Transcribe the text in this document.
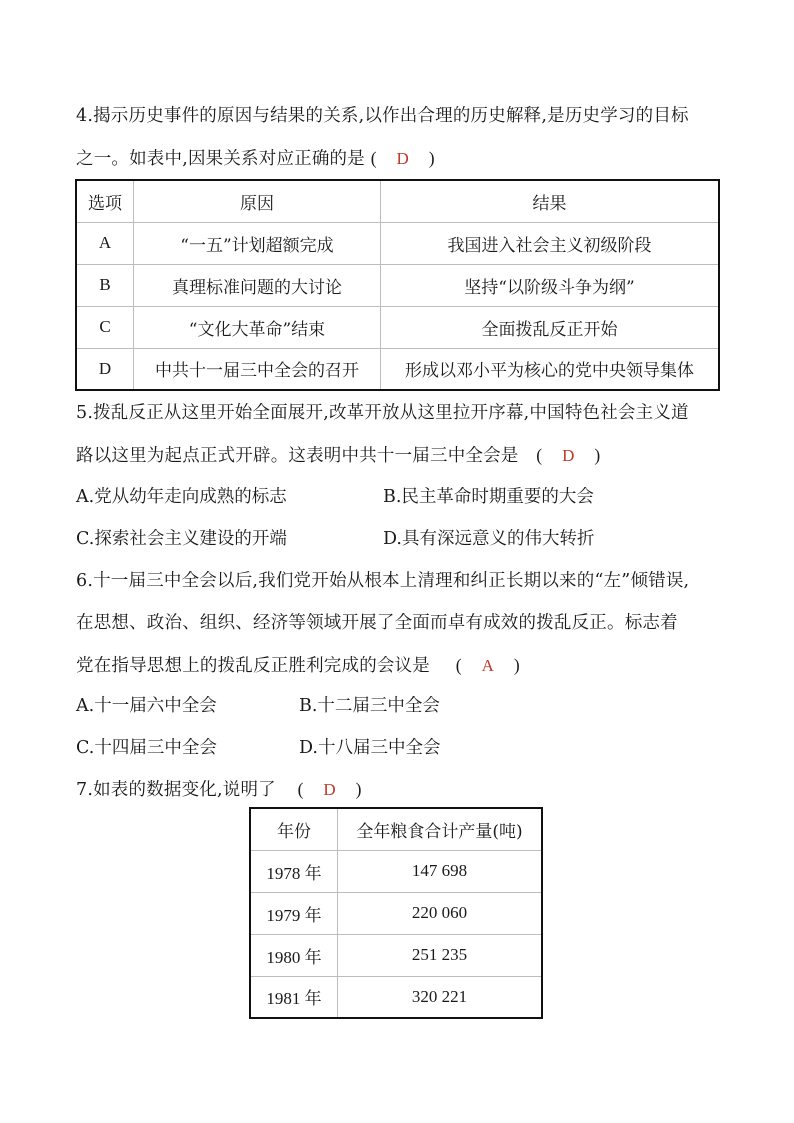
4.揭示历史事件的原因与结果的关系,以作出合理的历史解释,是历史学习的目标
之一。如表中,因果关系对应正确的是 ( D )
选项	原因	结果
A	“一五”计划超额完成	我国进入社会主义初级阶段
B	真理标准问题的大讨论	坚持“以阶级斗争为纲”
C	“文化大革命”结束	全面拨乱反正开始
D	中共十一届三中全会的召开	形成以邓小平为核心的党中央领导集体
5.拨乱反正从这里开始全面展开,改革开放从这里拉开序幕,中国特色社会主义道
路以这里为起点正式开辟。这表明中共十一届三中全会是 ( D )
A.党从幼年走向成熟的标志	B.民主革命时期重要的大会
C.探索社会主义建设的开端	D.具有深远意义的伟大转折
6.十一届三中全会以后,我们党开始从根本上清理和纠正长期以来的“左”倾错误,
在思想、政治、组织、经济等领域开展了全面而卓有成效的拨乱反正。标志着
党在指导思想上的拨乱反正胜利完成的会议是 ( A )
A.十一届六中全会	B.十二届三中全会
C.十四届三中全会	D.十八届三中全会
7.如表的数据变化,说明了 ( D )
年份	全年粮食合计产量(吨)
1978 年	147 698
1979 年	220 060
1980 年	251 235
1981 年	320 221
